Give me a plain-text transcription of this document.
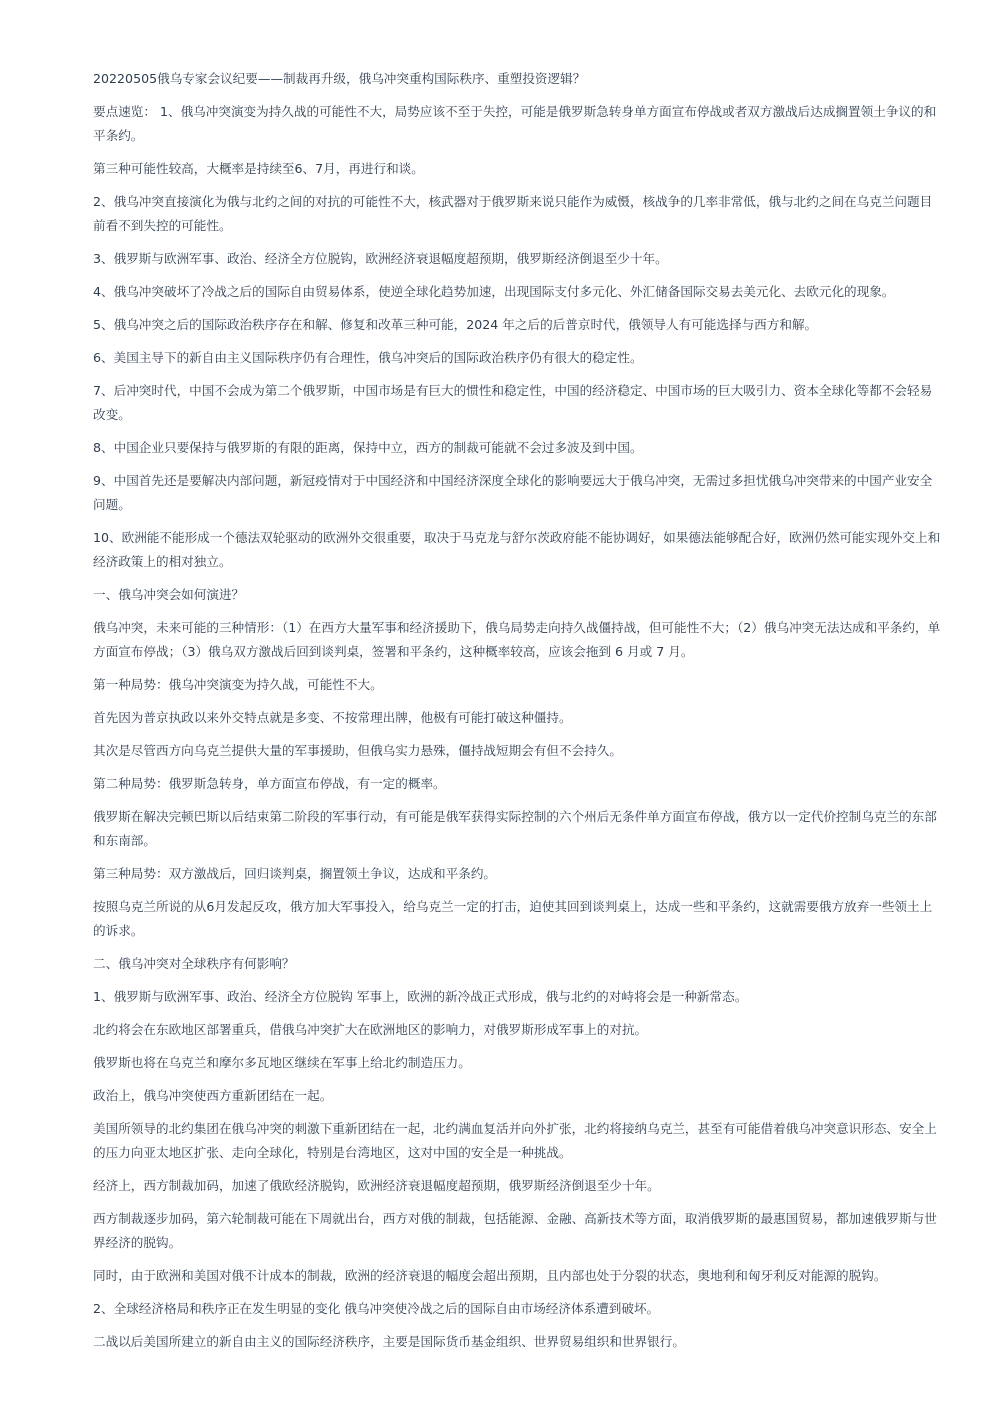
20220505俄乌专家会议纪要——制裁再升级，俄乌冲突重构国际秩序、重塑投资逻辑？

要点速览： 1、俄乌冲突演变为持久战的可能性不大，局势应该不至于失控，可能是俄罗斯急转身单方面宣布停战或者双方激战后达成搁置领土争议的和平条约。

第三种可能性较高，大概率是持续至6、7月，再进行和谈。

2、俄乌冲突直接演化为俄与北约之间的对抗的可能性不大，核武器对于俄罗斯来说只能作为威慑，核战争的几率非常低，俄与北约之间在乌克兰问题目前看不到失控的可能性。

3、俄罗斯与欧洲军事、政治、经济全方位脱钩，欧洲经济衰退幅度超预期，俄罗斯经济倒退至少十年。

4、俄乌冲突破坏了冷战之后的国际自由贸易体系，使逆全球化趋势加速，出现国际支付多元化、外汇储备国际交易去美元化、去欧元化的现象。

5、俄乌冲突之后的国际政治秩序存在和解、修复和改革三种可能，2024 年之后的后普京时代，俄领导人有可能选择与西方和解。

6、美国主导下的新自由主义国际秩序仍有合理性，俄乌冲突后的国际政治秩序仍有很大的稳定性。

7、后冲突时代，中国不会成为第二个俄罗斯，中国市场是有巨大的惯性和稳定性，中国的经济稳定、中国市场的巨大吸引力、资本全球化等都不会轻易改变。

8、中国企业只要保持与俄罗斯的有限的距离，保持中立，西方的制裁可能就不会过多波及到中国。

9、中国首先还是要解决内部问题，新冠疫情对于中国经济和中国经济深度全球化的影响要远大于俄乌冲突，无需过多担忧俄乌冲突带来的中国产业安全问题。

10、欧洲能不能形成一个德法双轮驱动的欧洲外交很重要，取决于马克龙与舒尔茨政府能不能协调好，如果德法能够配合好，欧洲仍然可能实现外交上和经济政策上的相对独立。

一、俄乌冲突会如何演进？

俄乌冲突，未来可能的三种情形：（1）在西方大量军事和经济援助下，俄乌局势走向持久战僵持战，但可能性不大；（2）俄乌冲突无法达成和平条约，单方面宣布停战；（3）俄乌双方激战后回到谈判桌，签署和平条约，这种概率较高，应该会拖到 6 月或 7 月。

第一种局势：俄乌冲突演变为持久战，可能性不大。

首先因为普京执政以来外交特点就是多变、不按常理出牌，他极有可能打破这种僵持。

其次是尽管西方向乌克兰提供大量的军事援助，但俄乌实力悬殊，僵持战短期会有但不会持久。

第二种局势：俄罗斯急转身，单方面宣布停战，有一定的概率。

俄罗斯在解决完顿巴斯以后结束第二阶段的军事行动，有可能是俄军获得实际控制的六个州后无条件单方面宣布停战，俄方以一定代价控制乌克兰的东部和东南部。

第三种局势：双方激战后，回归谈判桌，搁置领土争议，达成和平条约。

按照乌克兰所说的从6月发起反攻，俄方加大军事投入，给乌克兰一定的打击，迫使其回到谈判桌上，达成一些和平条约，这就需要俄方放弃一些领土上的诉求。

二、俄乌冲突对全球秩序有何影响？

1、俄罗斯与欧洲军事、政治、经济全方位脱钩 军事上，欧洲的新冷战正式形成，俄与北约的对峙将会是一种新常态。

北约将会在东欧地区部署重兵，借俄乌冲突扩大在欧洲地区的影响力，对俄罗斯形成军事上的对抗。

俄罗斯也将在乌克兰和摩尔多瓦地区继续在军事上给北约制造压力。

政治上，俄乌冲突使西方重新团结在一起。

美国所领导的北约集团在俄乌冲突的刺激下重新团结在一起，北约满血复活并向外扩张，北约将接纳乌克兰，甚至有可能借着俄乌冲突意识形态、安全上的压力向亚太地区扩张、走向全球化，特别是台湾地区，这对中国的安全是一种挑战。

经济上，西方制裁加码，加速了俄欧经济脱钩，欧洲经济衰退幅度超预期，俄罗斯经济倒退至少十年。

西方制裁逐步加码，第六轮制裁可能在下周就出台，西方对俄的制裁，包括能源、金融、高新技术等方面，取消俄罗斯的最惠国贸易，都加速俄罗斯与世界经济的脱钩。

同时，由于欧洲和美国对俄不计成本的制裁，欧洲的经济衰退的幅度会超出预期，且内部也处于分裂的状态，奥地利和匈牙利反对能源的脱钩。

2、全球经济格局和秩序正在发生明显的变化 俄乌冲突使冷战之后的国际自由市场经济体系遭到破坏。

二战以后美国所建立的新自由主义的国际经济秩序，主要是国际货币基金组织、世界贸易组织和世界银行。
